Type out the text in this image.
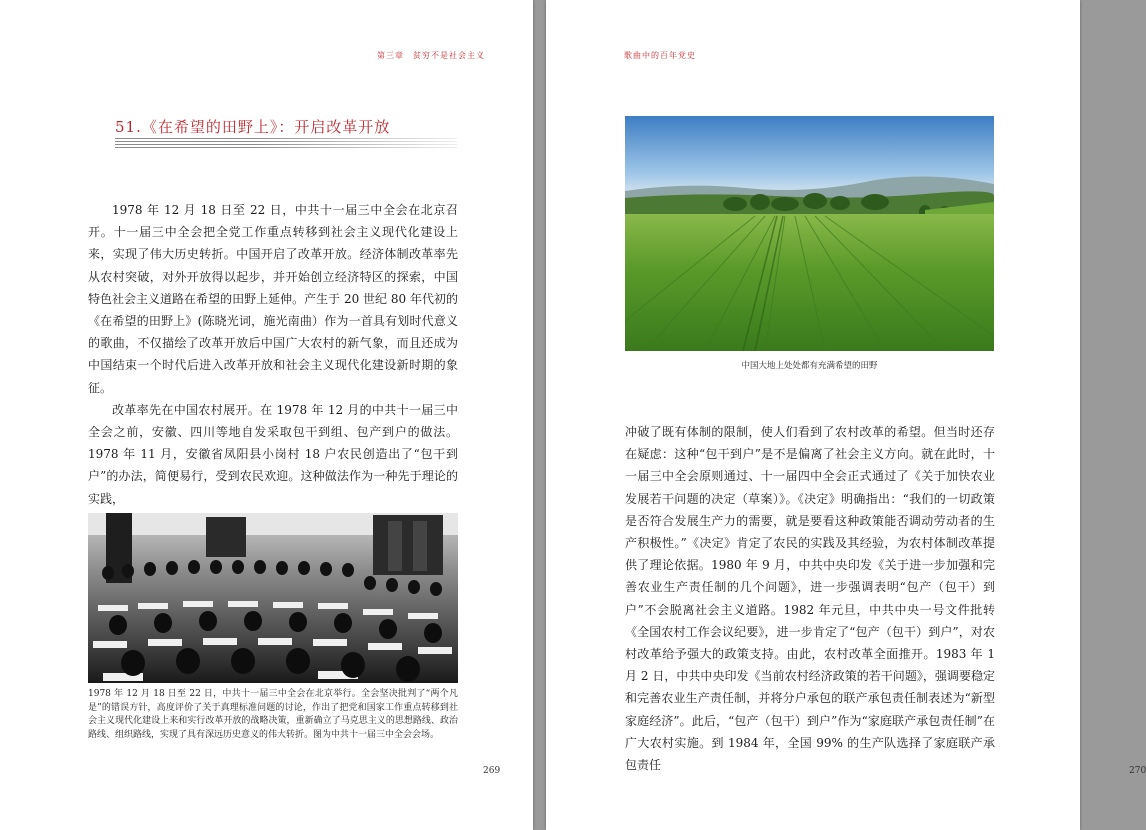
第三章　贫穷不是社会主义
51.《在希望的田野上》：开启改革开放

1978 年 12 月 18 日至 22 日，中共十一届三中全会在北京召开。十一届三中全会把全党工作重点转移到社会主义现代化建设上来，实现了伟大历史转折。中国开启了改革开放。经济体制改革率先从农村突破，对外开放得以起步，并开始创立经济特区的探索，中国特色社会主义道路在希望的田野上延伸。产生于 20 世纪 80 年代初的《在希望的田野上》(陈晓光词，施光南曲）作为一首具有划时代意义的歌曲，不仅描绘了改革开放后中国广大农村的新气象，而且还成为中国结束一个时代后进入改革开放和社会主义现代化建设新时期的象征。

改革率先在中国农村展开。在 1978 年 12 月的中共十一届三中全会之前，安徽、四川等地自发采取包干到组、包产到户的做法。1978 年 11 月，安徽省凤阳县小岗村 18 户农民创造出了“包干到户”的办法，简便易行，受到农民欢迎。这种做法作为一种先于理论的实践，

1978 年 12 月 18 日至 22 日，中共十一届三中全会在北京举行。全会坚决批判了“两个凡是”的错误方针，高度评价了关于真理标准问题的讨论，作出了把党和国家工作重点转移到社会主义现代化建设上来和实行改革开放的战略决策，重新确立了马克思主义的思想路线、政治路线、组织路线，实现了具有深远历史意义的伟大转折。图为中共十一届三中全会会场。
269
歌曲中的百年党史
270
中国大地上处处都有充满希望的田野

冲破了既有体制的限制，使人们看到了农村改革的希望。但当时还存在疑虑：这种“包干到户”是不是偏离了社会主义方向。就在此时，十一届三中全会原则通过、十一届四中全会正式通过了《关于加快农业发展若干问题的决定（草案）》。《决定》明确指出：“我们的一切政策是否符合发展生产力的需要，就是要看这种政策能否调动劳动者的生产积极性。”《决定》肯定了农民的实践及其经验，为农村体制改革提供了理论依据。1980 年 9 月，中共中央印发《关于进一步加强和完善农业生产责任制的几个问题》，进一步强调表明“包产（包干）到户”不会脱离社会主义道路。1982 年元旦，中共中央一号文件批转《全国农村工作会议纪要》，进一步肯定了“包产（包干）到户”，对农村改革给予强大的政策支持。由此，农村改革全面推开。1983 年 1 月 2 日，中共中央印发《当前农村经济政策的若干问题》，强调要稳定和完善农业生产责任制，并将分户承包的联产承包责任制表述为“新型家庭经济”。此后，“包产（包干）到户”作为“家庭联产承包责任制”在广大农村实施。到 1984 年，全国 99% 的生产队选择了家庭联产承包责任
